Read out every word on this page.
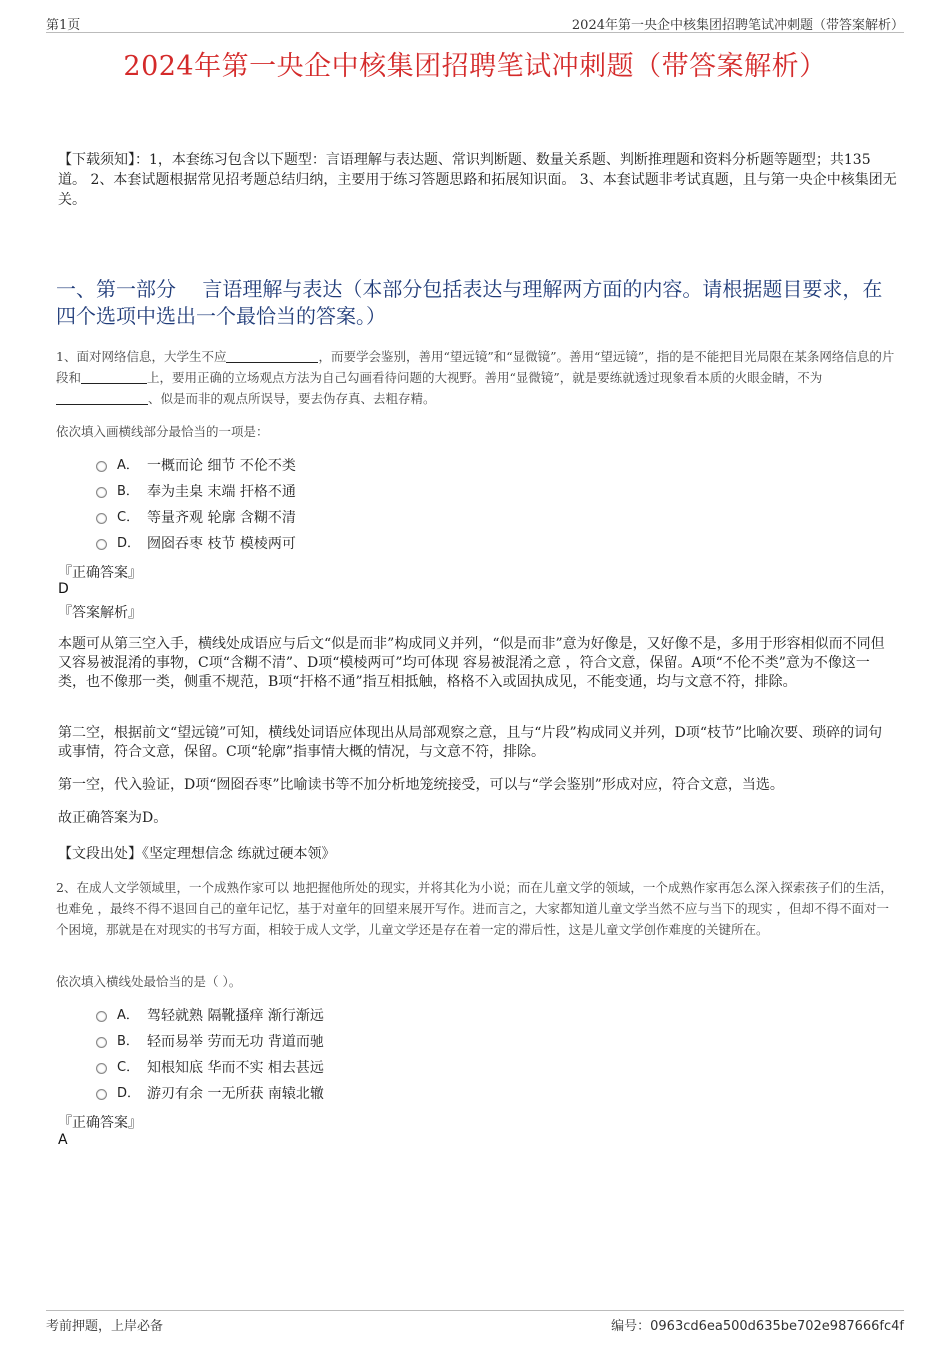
第1页	2024年第一央企中核集团招聘笔试冲刺题（带答案解析）
2024年第一央企中核集团招聘笔试冲刺题（带答案解析）
【下载须知】：1，本套练习包含以下题型：言语理解与表达题、常识判断题、数量关系题、判断推理题和资料分析题等题型；共135道。 2、本套试题根据常见招考题总结归纳，主要用于练习答题思路和拓展知识面。 3、本套试题非考试真题，且与第一央企中核集团无关。
一、第一部分　 言语理解与表达（本部分包括表达与理解两方面的内容。请根据题目要求，在四个选项中选出一个最恰当的答案。）
1、面对网络信息，大学生不应	，而要学会鉴别，善用“望远镜”和“显微镜”。善用“望远镜”，指的是不能把目光局限在某条网络信息的片段和	上，要用正确的立场观点方法为自己勾画看待问题的大视野。善用“显微镜”，就是要练就透过现象看本质的火眼金睛，不为、似是而非的观点所误导，要去伪存真、去粗存精。
依次填入画横线部分最恰当的一项是：
A． 一概而论 细节 不伦不类
B． 奉为圭臬 末端 扞格不通
C． 等量齐观 轮廓 含糊不清
D． 囫囵吞枣 枝节 模棱两可
『正确答案』
D
『答案解析』
本题可从第三空入手，横线处成语应与后文“似是而非”构成同义并列，“似是而非”意为好像是，又好像不是，多用于形容相似而不同但又容易被混淆的事物，C项“含糊不清”、D项“模棱两可”均可体现 容易被混淆之意 ，符合文意，保留。A项“不伦不类”意为不像这一类，也不像那一类，侧重不规范，B项“扞格不通”指互相抵触，格格不入或固执成见，不能变通，均与文意不符，排除。
第二空，根据前文“望远镜”可知，横线处词语应体现出从局部观察之意，且与“片段”构成同义并列，D项“枝节”比喻次要、琐碎的词句或事情，符合文意，保留。C项“轮廓”指事情大概的情况，与文意不符，排除。
第一空，代入验证，D项“囫囵吞枣”比喻读书等不加分析地笼统接受，可以与“学会鉴别”形成对应，符合文意，当选。
故正确答案为D。
【文段出处】《坚定理想信念 练就过硬本领》
2、在成人文学领域里，一个成熟作家可以 地把握他所处的现实，并将其化为小说；而在儿童文学的领域，一个成熟作家再怎么深入探索孩子们的生活，也难免 ，最终不得不退回自己的童年记忆，基于对童年的回望来展开写作。进而言之，大家都知道儿童文学当然不应与当下的现实 ，但却不得不面对一个困境，那就是在对现实的书写方面，相较于成人文学，儿童文学还是存在着一定的滞后性，这是儿童文学创作难度的关键所在。
依次填入横线处最恰当的是（ ）。
A． 驾轻就熟 隔靴搔痒 渐行渐远
B． 轻而易举 劳而无功 背道而驰
C． 知根知底 华而不实 相去甚远
D． 游刃有余 一无所获 南辕北辙
『正确答案』
A
考前押题，上岸必备	编号：0963cd6ea500d635be702e987666fc4f
